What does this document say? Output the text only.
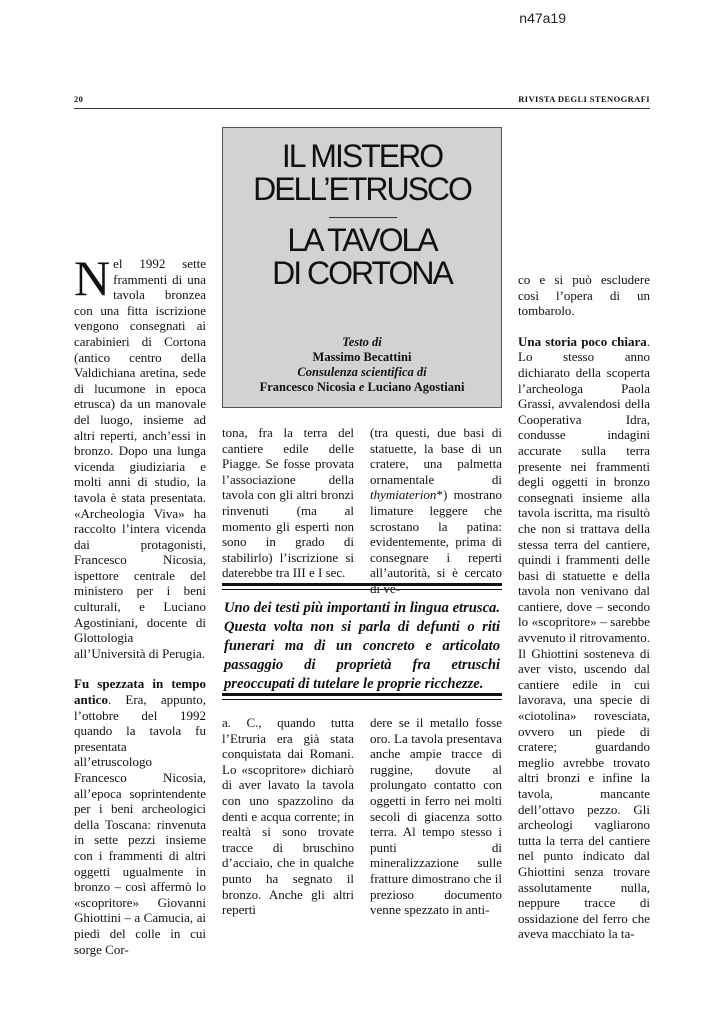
n47a19
20	RIVISTA DEGLI STENOGRAFI
IL MISTERO
DELL’ETRUSCO
LA TAVOLA
DI CORTONA
Testo di
Massimo Becattini
Consulenza scientifica di
Francesco Nicosia e Luciano Agostiani

Nel 1992 sette frammenti di una tavola bronzea con una fitta iscrizione vengono consegnati ai carabinieri di Cortona (antico centro della Valdichiana aretina, sede di lucumone in epoca etrusca) da un manovale del luogo, insieme ad altri reperti, anch’essi in bronzo. Dopo una lunga vicenda giudiziaria e molti anni di studio, la tavola è stata presentata. «Archeologia Viva» ha raccolto l’intera vicenda dai protagonisti, Francesco Nicosia, ispettore centrale del ministero per i beni culturali, e Luciano Agostiniani, docente di Glottologia all’Università di Perugia.

Fu spezzata in tempo antico. Era, appunto, l’ottobre del 1992 quando la tavola fu presentata all’etruscologo Francesco Nicosia, all’epoca soprintendente per i beni archeologici della Toscana: rinvenuta in sette pezzi insieme con i frammenti di altri oggetti ugualmente in bronzo – così affermò lo «scopritore» Giovanni Ghiottini – a Camucia, ai piedi del colle in cui sorge Cor-

tona, fra la terra del cantiere edile delle Piagge. Se fosse provata l’associazione della tavola con gli altri bronzi rinvenuti (ma al momento gli esperti non sono in grado di stabilirlo) l’iscrizione si daterebbe tra III e I sec.

(tra questi, due basi di statuette, la base di un cratere, una palmetta ornamentale di thymiaterion*) mostrano limature leggere che scrostano la patina: evidentemente, prima di consegnare i reperti all’autorità, si è cercato di ve-

Uno dei testi più importanti in lingua etrusca. Questa volta non si parla di defunti o riti funerari ma di un concreto e articolato passaggio di proprietà fra etruschi preoccupati di tutelare le proprie ricchezze.

a. C., quando tutta l’Etruria era già stata conquistata dai Romani. Lo «scopritore» dichiarò di aver lavato la tavola con uno spazzolino da denti e acqua corrente; in realtà si sono trovate tracce di bruschino d’acciaio, che in qualche punto ha segnato il bronzo. Anche gli altri reperti

dere se il metallo fosse oro. La tavola presentava anche ampie tracce di ruggine, dovute al prolungato contatto con oggetti in ferro nei molti secoli di giacenza sotto terra. Al tempo stesso i punti di mineralizzazione sulle fratture dimostrano che il prezioso documento venne spezzato in anti-

co e si può escludere così l’opera di un tombarolo.

Una storia poco chiara. Lo stesso anno dichiarato della scoperta l’archeologa Paola Grassi, avvalendosi della Cooperativa Idra, condusse indagini accurate sulla terra presente nei frammenti degli oggetti in bronzo consegnati insieme alla tavola iscritta, ma risultò che non si trattava della stessa terra del cantiere, quindi i frammenti delle basi di statuette e della tavola non venivano dal cantiere, dove – secondo lo «scopritore» – sarebbe avvenuto il ritrovamento. Il Ghiottini sosteneva di aver visto, uscendo dal cantiere edile in cui lavorava, una specie di «ciotolina» rovesciata, ovvero un piede di cratere; guardando meglio avrebbe trovato altri bronzi e infine la tavola, mancante dell’ottavo pezzo. Gli archeologi vagliarono tutta la terra del cantiere nel punto indicato dal Ghiottini senza trovare assolutamente nulla, neppure tracce di ossidazione del ferro che aveva macchiato la ta-
